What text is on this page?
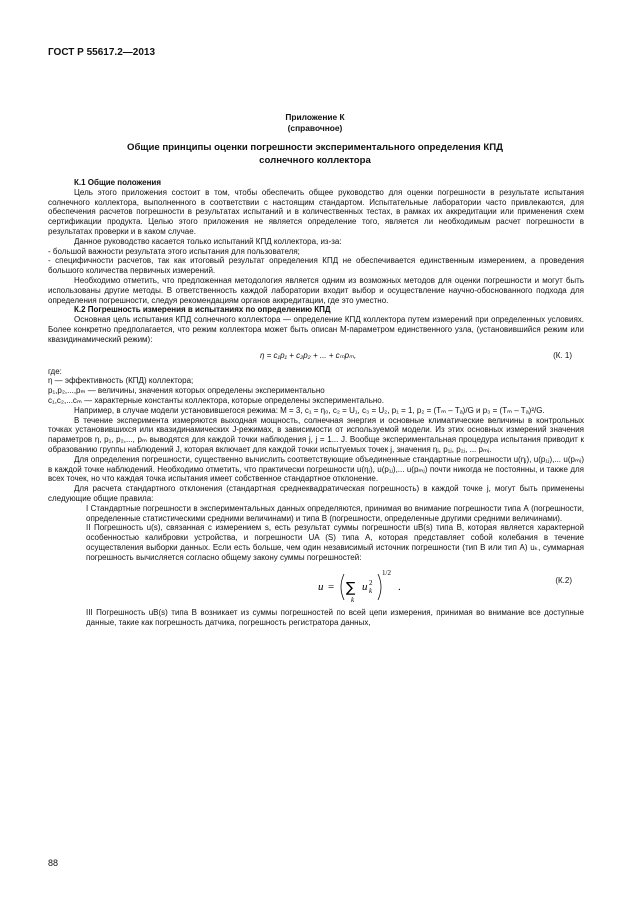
ГОСТ Р 55617.2—2013
Приложение К
(справочное)
Общие принципы оценки погрешности экспериментального определения КПД
солнечного коллектора

К.1 Общие положения

Цель этого приложения состоит в том, чтобы обеспечить общее руководство для оценки погрешности в результате испытания солнечного коллектора, выполненного в соответствии с настоящим стандартом. Испытательные лаборатории часто привлекаются, для обеспечения расчетов погрешности в результатах испытаний и в количественных тестах, в рамках их аккредитации или применения схем сертификации продукта. Целью этого приложения не является определение того, является ли необходимым расчет погрешности в результатах проверки и в каком случае.

Данное руководство касается только испытаний КПД коллектора, из-за:

- большой важности результата этого испытания для пользователя;

- специфичности расчетов, так как итоговый результат определения КПД не обеспечивается единственным измерением, а проведения большого количества первичных измерений.

Необходимо отметить, что предложенная методология является одним из возможных методов для оценки погрешности и могут быть использованы другие методы. В ответственность каждой лаборатории входит выбор и осуществление научно-обоснованного подхода для определения погрешности, следуя рекомендациям органов аккредитации, где это уместно.

К.2 Погрешность измерения в испытаниях по определению КПД

Основная цель испытания КПД солнечного коллектора — определение КПД коллектора путем измерений при определенных условиях. Более конкретно предполагается, что режим коллектора может быть описан М-параметром единственного узла, (установившийся режим или квазидинамический режим):

η = c₁p₁ + c₂p₂ + ... + cₘpₘ,	(К. 1)

где:

η — эффективность (КПД) коллектора;

p₁,p₂,...,pₘ — величины, значения которых определены экспериментально

c₁,c₂,...cₘ — характерные константы коллектора, которые определены экспериментально.

Например, в случае модели установившегося режима: M = 3, c₁ = η₀, c₂ = U₁, c₃ = U₂, p₁ = 1, p₂ = (Tₘ – Tₐ)/G и p₃ = (Tₘ – Tₐ)²/G.

В течение эксперимента измеряются выходная мощность, солнечная энергия и основные климатические величины в контрольных точках установившихся или квазидинамических J-режимах, в зависимости от используемой модели. Из этих основных измерений значения параметров η, p₁, p₂,..., pₘ выводятся для каждой точки наблюдения j, j = 1... J. Вообще экспериментальная процедура испытания приводит к образованию группы наблюдений J, которая включает для каждой точки испытуемых точек j, значения ηⱼ, p₁ⱼ, p₂ⱼ, ... pₘⱼ.

Для определения погрешности, существенно вычислить соответствующие объединенные стандартные погрешности u(ηⱼ), u(p₁ⱼ),... u(pₘⱼ) в каждой точке наблюдений. Необходимо отметить, что практически погрешности u(ηⱼ), u(p₁ⱼ),... u(pₘⱼ) почти никогда не постоянны, и также для всех точек, но что каждая точка испытания имеет собственное стандартное отклонение.

Для расчета стандартного отклонения (стандартная среднеквадратическая погрешность) в каждой точке j, могут быть применены следующие общие правила:

I Стандартные погрешности в экспериментальных данных определяются, принимая во внимание погрешности типа А (погрешности, определенные статистическими средними величинами) и типа В (погрешности, определенные другими средними величинами).

II Погрешность u(s), связанная с измерением s, есть результат суммы погрешности uB(s) типа В, которая является характерной особенностью калибровки устройства, и погрешности UA (S) типа А, которая представляет собой колебания в течение осуществления выборки данных. Если есть больше, чем один независимый источник погрешности (тип В или тип А) uₖ, суммарная погрешность вычисляется согласно общему закону суммы погрешностей:

u = ∑
k
u k
2
1/2
.
(К.2)

III Погрешность uB(s) типа В возникает из суммы погрешностей по всей цепи измерения, принимая во внимание все доступные данные, такие как погрешность датчика, погрешность регистратора данных,

88
